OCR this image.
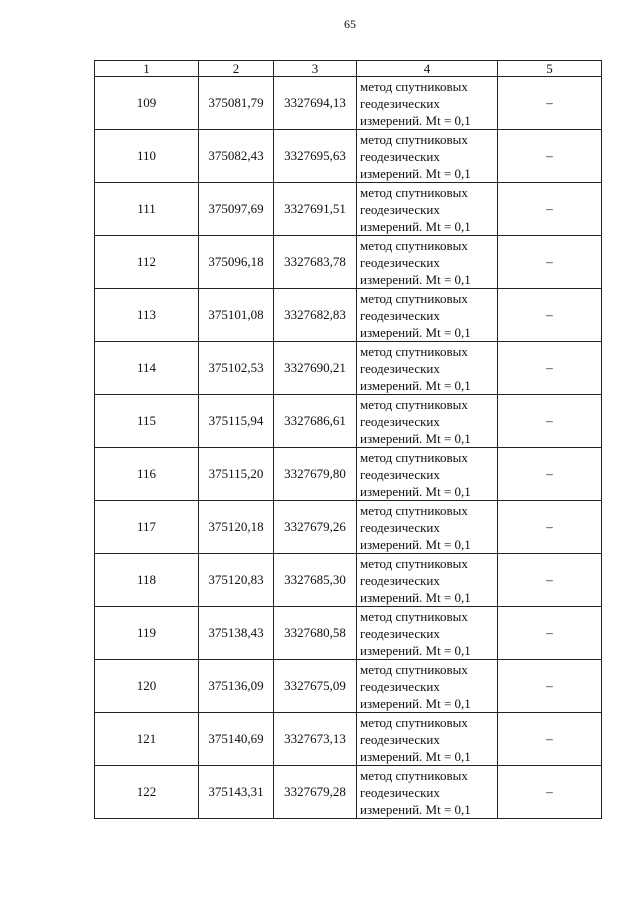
65
1	2	3	4	5
109	375081,79	3327694,13	метод спутниковых
геодезических
измерений. Mt = 0,1	–
110	375082,43	3327695,63	метод спутниковых
геодезических
измерений. Mt = 0,1	–
111	375097,69	3327691,51	метод спутниковых
геодезических
измерений. Mt = 0,1	–
112	375096,18	3327683,78	метод спутниковых
геодезических
измерений. Mt = 0,1	–
113	375101,08	3327682,83	метод спутниковых
геодезических
измерений. Mt = 0,1	–
114	375102,53	3327690,21	метод спутниковых
геодезических
измерений. Mt = 0,1	–
115	375115,94	3327686,61	метод спутниковых
геодезических
измерений. Mt = 0,1	–
116	375115,20	3327679,80	метод спутниковых
геодезических
измерений. Mt = 0,1	–
117	375120,18	3327679,26	метод спутниковых
геодезических
измерений. Mt = 0,1	–
118	375120,83	3327685,30	метод спутниковых
геодезических
измерений. Mt = 0,1	–
119	375138,43	3327680,58	метод спутниковых
геодезических
измерений. Mt = 0,1	–
120	375136,09	3327675,09	метод спутниковых
геодезических
измерений. Mt = 0,1	–
121	375140,69	3327673,13	метод спутниковых
геодезических
измерений. Mt = 0,1	–
122	375143,31	3327679,28	метод спутниковых
геодезических
измерений. Mt = 0,1	–
